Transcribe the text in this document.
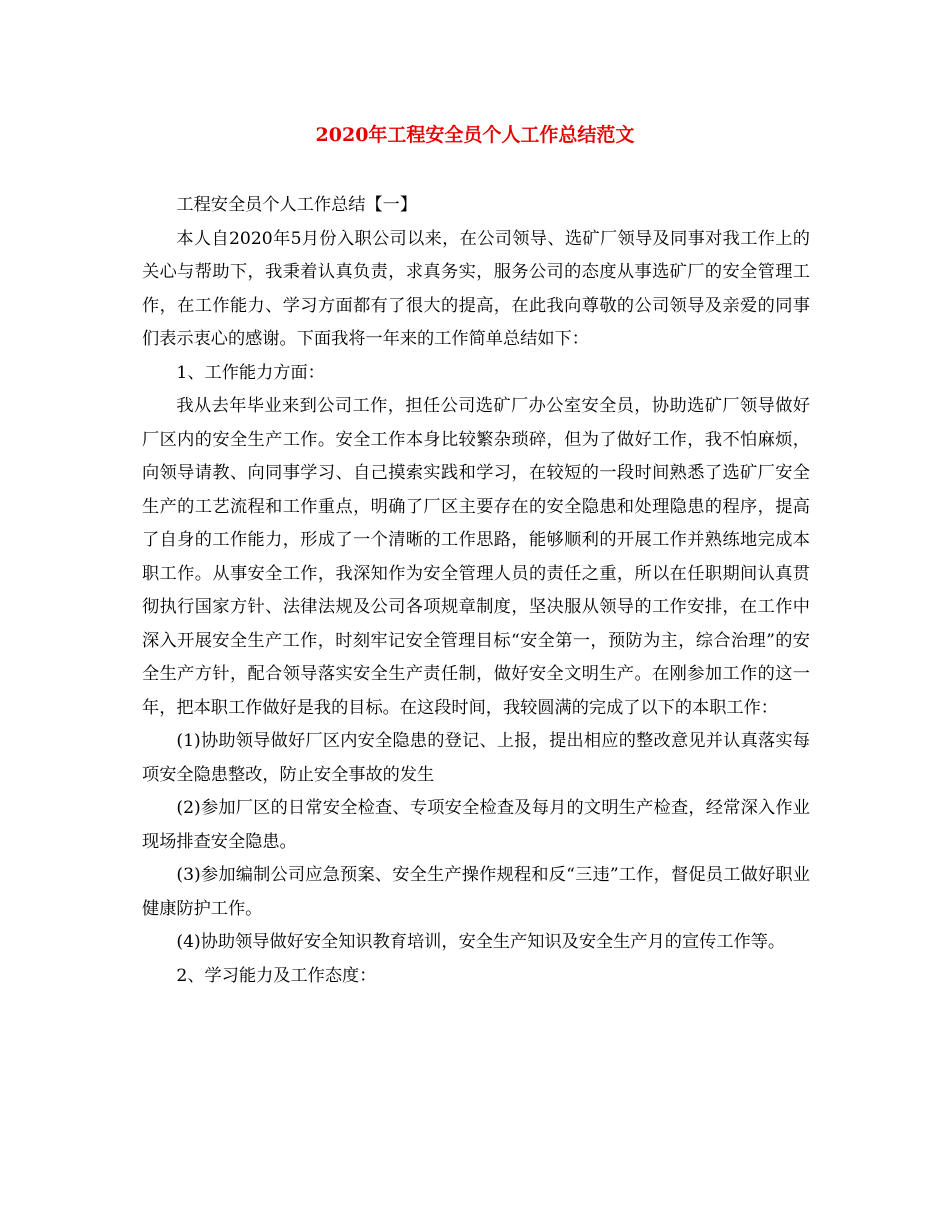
2020年工程安全员个人工作总结范文

工程安全员个人工作总结【一】

本人自2020年5月份入职公司以来，在公司领导、选矿厂领导及同事对我工作上的关心与帮助下，我秉着认真负责，求真务实，服务公司的态度从事选矿厂的安全管理工作，在工作能力、学习方面都有了很大的提高，在此我向尊敬的公司领导及亲爱的同事们表示衷心的感谢。下面我将一年来的工作简单总结如下：

1、工作能力方面：

我从去年毕业来到公司工作，担任公司选矿厂办公室安全员，协助选矿厂领导做好厂区内的安全生产工作。安全工作本身比较繁杂琐碎，但为了做好工作，我不怕麻烦，向领导请教、向同事学习、自己摸索实践和学习，在较短的一段时间熟悉了选矿厂安全生产的工艺流程和工作重点，明确了厂区主要存在的安全隐患和处理隐患的程序，提高了自身的工作能力，形成了一个清晰的工作思路，能够顺利的开展工作并熟练地完成本职工作。从事安全工作，我深知作为安全管理人员的责任之重，所以在任职期间认真贯彻执行国家方针、法律法规及公司各项规章制度，坚决服从领导的工作安排，在工作中深入开展安全生产工作，时刻牢记安全管理目标“安全第一，预防为主，综合治理”的安全生产方针，配合领导落实安全生产责任制，做好安全文明生产。在刚参加工作的这一年，把本职工作做好是我的目标。在这段时间，我较圆满的完成了以下的本职工作：

(1)协助领导做好厂区内安全隐患的登记、上报，提出相应的整改意见并认真落实每项安全隐患整改，防止安全事故的发生

(2)参加厂区的日常安全检查、专项安全检查及每月的文明生产检查，经常深入作业现场排查安全隐患。

(3)参加编制公司应急预案、安全生产操作规程和反“三违”工作，督促员工做好职业健康防护工作。

(4)协助领导做好安全知识教育培训，安全生产知识及安全生产月的宣传工作等。

2、学习能力及工作态度：
